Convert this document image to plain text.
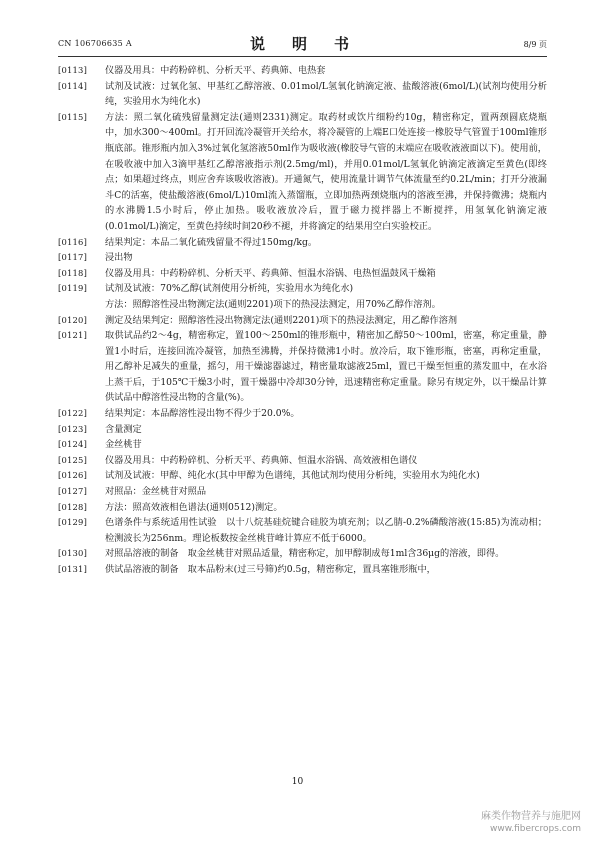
CN 106706635 A	说　明　书	8/9 页
[0113] 仪器及用具：中药粉碎机、分析天平、药典筛、电热套
[0114] 试剂及试液：过氧化氢、甲基红乙醇溶液、0.01mol/L氢氧化钠滴定液、盐酸溶液(6mol/L)(试剂均使用分析纯，实验用水为纯化水)
[0115] 方法：照二氧化硫残留量测定法(通则2331)测定。取药材或饮片细粉约10g，精密称定，置两颈圆底烧瓶中，加水300～400ml。打开回流冷凝管开关给水，将冷凝管的上端E口处连接一橡胶导气管置于100ml锥形瓶底部。锥形瓶内加入3%过氧化氢溶液50ml作为吸收液(橡胶导气管的末端应在吸收液液面以下)。使用前，在吸收液中加入3滴甲基红乙醇溶液指示剂(2.5mg/ml)，并用0.01mol/L氢氧化钠滴定液滴定至黄色(即终点；如果超过终点，则应舍弃该吸收溶液)。开通氮气，使用流量计调节气体流量至约0.2L/min；打开分液漏斗C的活塞，使盐酸溶液(6mol/L)10ml流入蒸馏瓶，立即加热两颈烧瓶内的溶液至沸，并保持微沸；烧瓶内的水沸腾1.5小时后，停止加热。吸收液放冷后，置于磁力搅拌器上不断搅拌，用氢氧化钠滴定液(0.01mol/L)滴定，至黄色持续时间20秒不褪，并将滴定的结果用空白实验校正。
[0116] 结果判定：本品二氧化硫残留量不得过150mg/kg。
[0117] 浸出物
[0118] 仪器及用具：中药粉碎机、分析天平、药典筛、恒温水浴锅、电热恒温鼓风干燥箱
[0119] 试剂及试液：70%乙醇(试剂使用分析纯，实验用水为纯化水)
方法：照醇溶性浸出物测定法(通则2201)项下的热浸法测定，用70%乙醇作溶剂。
[0120] 测定及结果判定：照醇溶性浸出物测定法(通则2201)项下的热浸法测定，用乙醇作溶剂
[0121] 取供试品约2～4g，精密称定，置100～250ml的锥形瓶中，精密加乙醇50～100ml，密塞，称定重量，静置1小时后，连接回流冷凝管，加热至沸腾，并保持微沸1小时。放冷后，取下锥形瓶，密塞，再称定重量，用乙醇补足减失的重量，摇匀，用干燥滤器滤过，精密量取滤液25ml，置已干燥至恒重的蒸发皿中，在水浴上蒸干后，于105℃干燥3小时，置干燥器中冷却30分钟，迅速精密称定重量。除另有规定外，以干燥品计算供试品中醇溶性浸出物的含量(%)。
[0122] 结果判定：本品醇溶性浸出物不得少于20.0%。
[0123] 含量测定
[0124] 金丝桃苷
[0125] 仪器及用具：中药粉碎机、分析天平、药典筛、恒温水浴锅、高效液相色谱仪
[0126] 试剂及试液：甲醇、纯化水(其中甲醇为色谱纯，其他试剂均使用分析纯，实验用水为纯化水)
[0127] 对照品：金丝桃苷对照品
[0128] 方法：照高效液相色谱法(通则0512)测定。
[0129] 色谱条件与系统适用性试验　以十八烷基硅烷键合硅胶为填充剂；以乙腈-0.2%磷酸溶液(15:85)为流动相；检测波长为256nm。理论板数按金丝桃苷峰计算应不低于6000。
[0130] 对照品溶液的制备　取金丝桃苷对照品适量，精密称定，加甲醇制成每1ml含36μg的溶液，即得。
[0131] 供试品溶液的制备　取本品粉末(过三号筛)约0.5g，精密称定，置具塞锥形瓶中，
10
麻类作物营养与施肥网
www.fibercrops.com
